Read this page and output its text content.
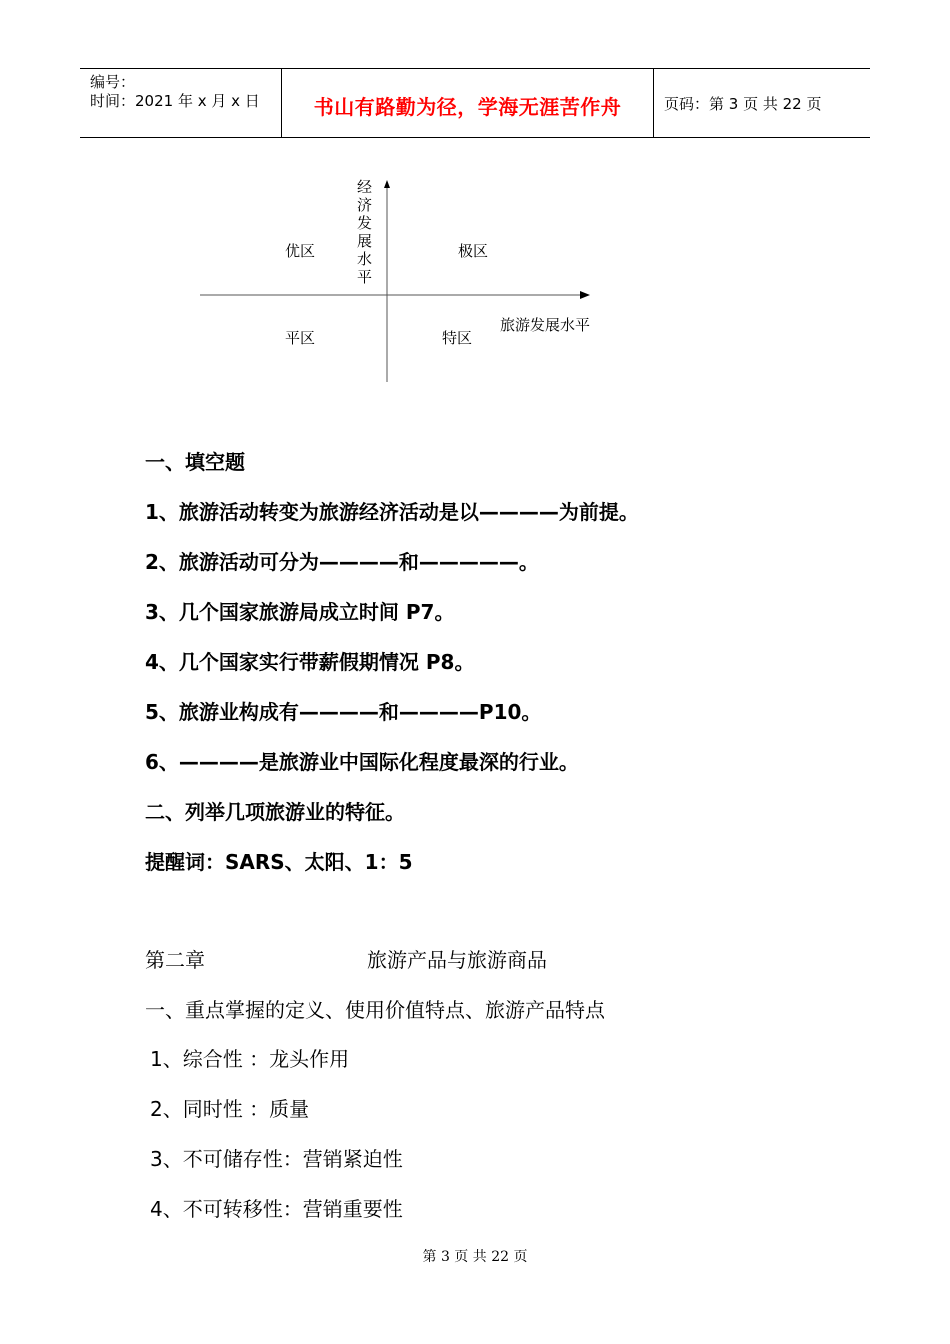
编号：
时间：2021 年 x 月 x 日	书山有路勤为径，学海无涯苦作舟	页码：第 3 页 共 22 页
经济发展水平
优区	极区
平区	特区
旅游发展水平
一、填空题
1、旅游活动转变为旅游经济活动是以————为前提。
2、旅游活动可分为————和—————。
3、几个国家旅游局成立时间 P7。
4、几个国家实行带薪假期情况 P8。
5、旅游业构成有————和————P10。
6、————是旅游业中国际化程度最深的行业。
二、列举几项旅游业的特征。
提醒词：SARS、太阳、1：5
第二章	旅游产品与旅游商品
一、重点掌握的定义、使用价值特点、旅游产品特点
1、综合性 ：龙头作用
2、同时性 ：质量
3、不可储存性：营销紧迫性
4、不可转移性：营销重要性
第 3 页 共 22 页
